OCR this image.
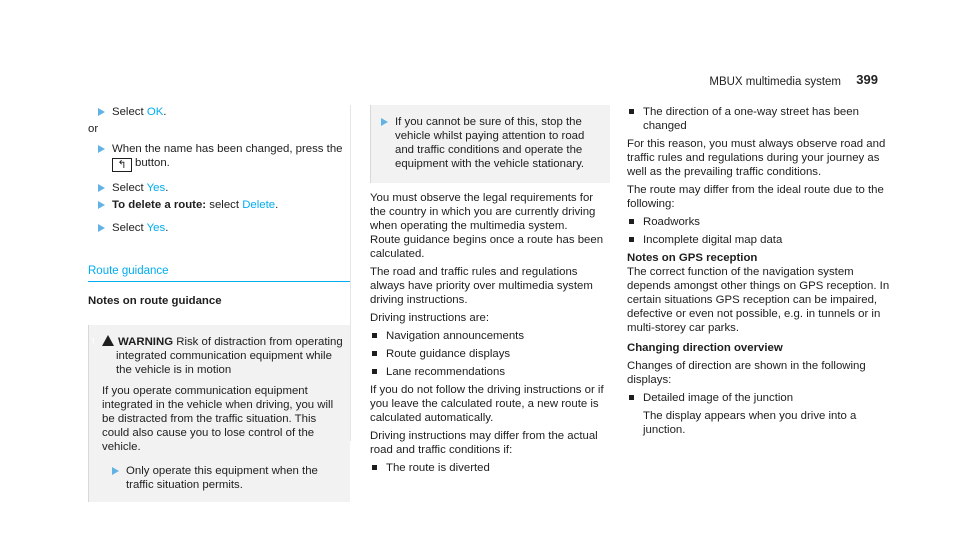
MBUX multimedia system 399
Select OK.
or
When the name has been changed, press the
↰ button.
Select Yes.
To delete a route: select Delete.
Select Yes.
Route guidance
Notes on route guidance

!WARNING Risk of distraction from operating integrated communication equipment while the vehicle is in motion

If you operate communication equipment integrated in the vehicle when driving, you will be distracted from the traffic situation. This could also cause you to lose control of the vehicle.

Only operate this equipment when the traffic situation permits.
If you cannot be sure of this, stop the vehicle whilst paying attention to road and traffic conditions and operate the equipment with the vehicle stationary.

You must observe the legal requirements for the country in which you are currently driving when operating the multimedia system.

Route guidance begins once a route has been calculated.

The road and traffic rules and regulations always have priority over multimedia system driving instructions.

Driving instructions are:

Navigation announcements
Route guidance displays
Lane recommendations

If you do not follow the driving instructions or if you leave the calculated route, a new route is calculated automatically.

Driving instructions may differ from the actual road and traffic conditions if:

The route is diverted
The direction of a one-way street has been changed

For this reason, you must always observe road and traffic rules and regulations during your journey as well as the prevailing traffic conditions.

The route may differ from the ideal route due to the following:

Roadworks
Incomplete digital map data

Notes on GPS reception

The correct function of the navigation system depends amongst other things on GPS reception. In certain situations GPS reception can be impaired, defective or even not possible, e.g. in tunnels or in multi-storey car parks.

Changing direction overview

Changes of direction are shown in the following displays:

Detailed image of the junction

The display appears when you drive into a junction.
